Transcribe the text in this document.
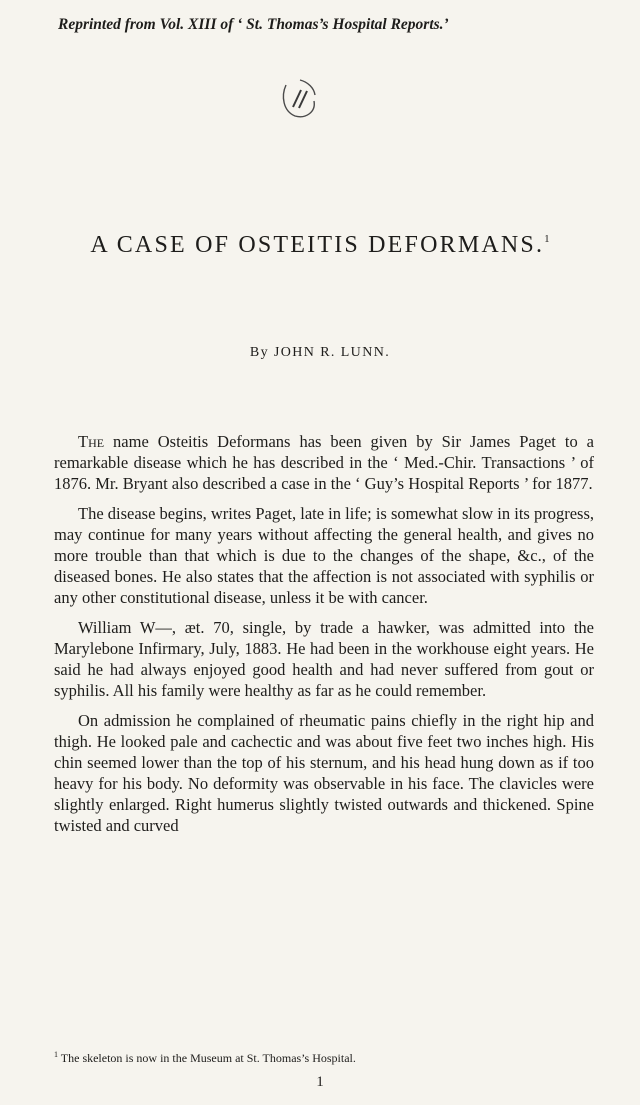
Reprinted from Vol. XIII of ‘ St. Thomas’s Hospital Reports.’
A CASE OF OSTEITIS DEFORMANS.$^1$
By JOHN R. LUNN.

The name Osteitis Deformans has been given by Sir James Paget to a remarkable disease which he has described in the ‘ Med.-Chir. Transactions ’ of 1876. Mr. Bryant also described a case in the ‘ Guy’s Hospital Reports ’ for 1877.

The disease begins, writes Paget, late in life; is somewhat slow in its progress, may continue for many years without affecting the general health, and gives no more trouble than that which is due to the changes of the shape, &c., of the diseased bones. He also states that the affection is not associated with syphilis or any other constitutional disease, unless it be with cancer.

William W—, æt. 70, single, by trade a hawker, was admitted into the Marylebone Infirmary, July, 1883. He had been in the workhouse eight years. He said he had always enjoyed good health and had never suffered from gout or syphilis. All his family were healthy as far as he could remember.

On admission he complained of rheumatic pains chiefly in the right hip and thigh. He looked pale and cachectic and was about five feet two inches high. His chin seemed lower than the top of his sternum, and his head hung down as if too heavy for his body. No deformity was observable in his face. The clavicles were slightly enlarged. Right humerus slightly twisted outwards and thickened. Spine twisted and curved

$^1$ The skeleton is now in the Museum at St. Thomas’s Hospital.
1
